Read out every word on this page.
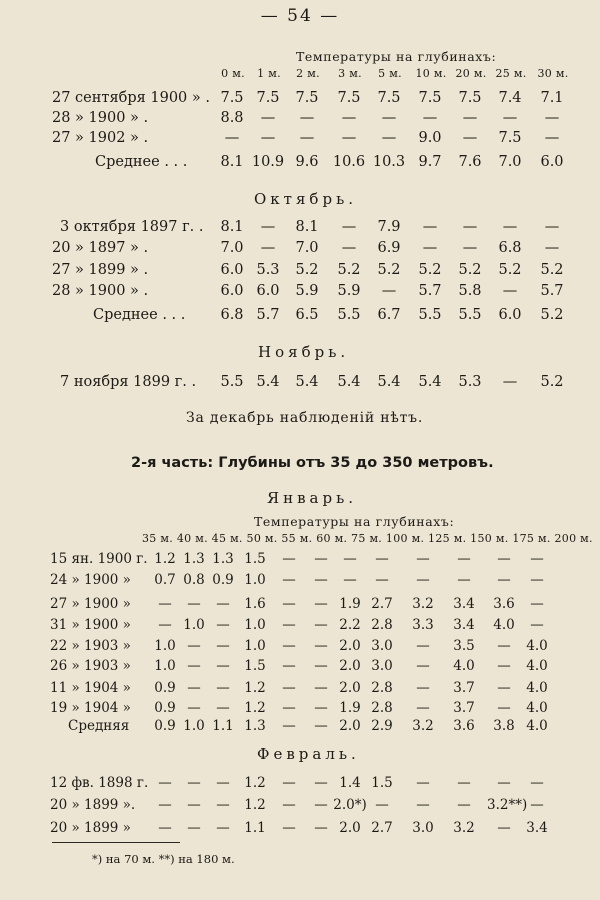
— 54 —
Температуры на глубинахъ:
0 м.	1 м.	2 м.	3 м.	5 м.	10 м. 20 м. 25 м. 30 м.
27 сентября 1900 » . 7.5 7.5	7.5	7.5	7.5	7.5	7.5	7.4	7.1
28 » 1900 » .	8.8	—	—	—	—	—	—	—	—
27 » 1902 » .	—	—	—	—	—	9.0	—	7.5	—
Среднее . . .	8.1 10.9 9.6 10.6 10.3 9.7	7.6	7.0	6.0
Октябрь.
3 октября 1897 г. .	8.1	—	8.1	—	7.9	—	—	—	—
20 » 1897 » .	7.0	—	7.0	—	6.9	—	—	6.8	—
27 » 1899 » .	6.0 5.3	5.2	5.2	5.2	5.2	5.2	5.2	5.2
28 » 1900 » .	6.0 6.0	5.9	5.9	—	5.7	5.8	—	5.7
Среднее . . .	6.8 5.7	6.5	5.5	6.7	5.5	5.5	6.0	5.2
Ноябрь.
7 ноября 1899 г. .	5.5 5.4	5.4	5.4	5.4	5.4	5.3	—	5.2
За декабрь наблюденій нѣтъ.
2-я часть: Глубины отъ 35 до 350 метровъ.
Январь.
Температуры на глубинахъ:
35 м. 40 м. 45 м. 50 м. 55 м. 60 м. 75 м. 100 м. 125 м. 150 м. 175 м. 200 м.
15 ян. 1900 г. 1.2 1.3 1.3 1.5	—	—	—	—	—	—	—	—
24 » 1900 »	0.7 0.8 0.9 1.0	—	—	—	—	—	—	—	—
27 » 1900 »	—	—	—	1.6	—	— 1.9 2.7	3.2	3.4	3.6	—
31 » 1900 »	— 1.0 —	1.0	—	— 2.2 2.8	3.3	3.4	4.0	—
22 » 1903 »	1.0 —	—	1.0	—	— 2.0 3.0	—	3.5	—	4.0
26 » 1903 »	1.0 —	—	1.5	—	— 2.0 3.0	—	4.0	—	4.0
11 » 1904 »	0.9 —	—	1.2	—	— 2.0 2.8	—	3.7	—	4.0
19 » 1904 »	0.9 —	—	1.2	—	— 1.9 2.8	—	3.7	—	4.0
Средняя	0.9 1.0 1.1 1.3	—	— 2.0 2.9	3.2	3.6	3.8 4.0
Февраль.
12 фв. 1898 г. —	—	—	1.2	—	— 1.4 1.5	—	—	—	—
20 » 1899 ».	—	—	—	1.2	—	— 2.0*) —	—	—	3.2**) —
20 » 1899 »	—	—	—	1.1	—	— 2.0 2.7	3.0	3.2	—	3.4
*) на 70 м. **) на 180 м.
